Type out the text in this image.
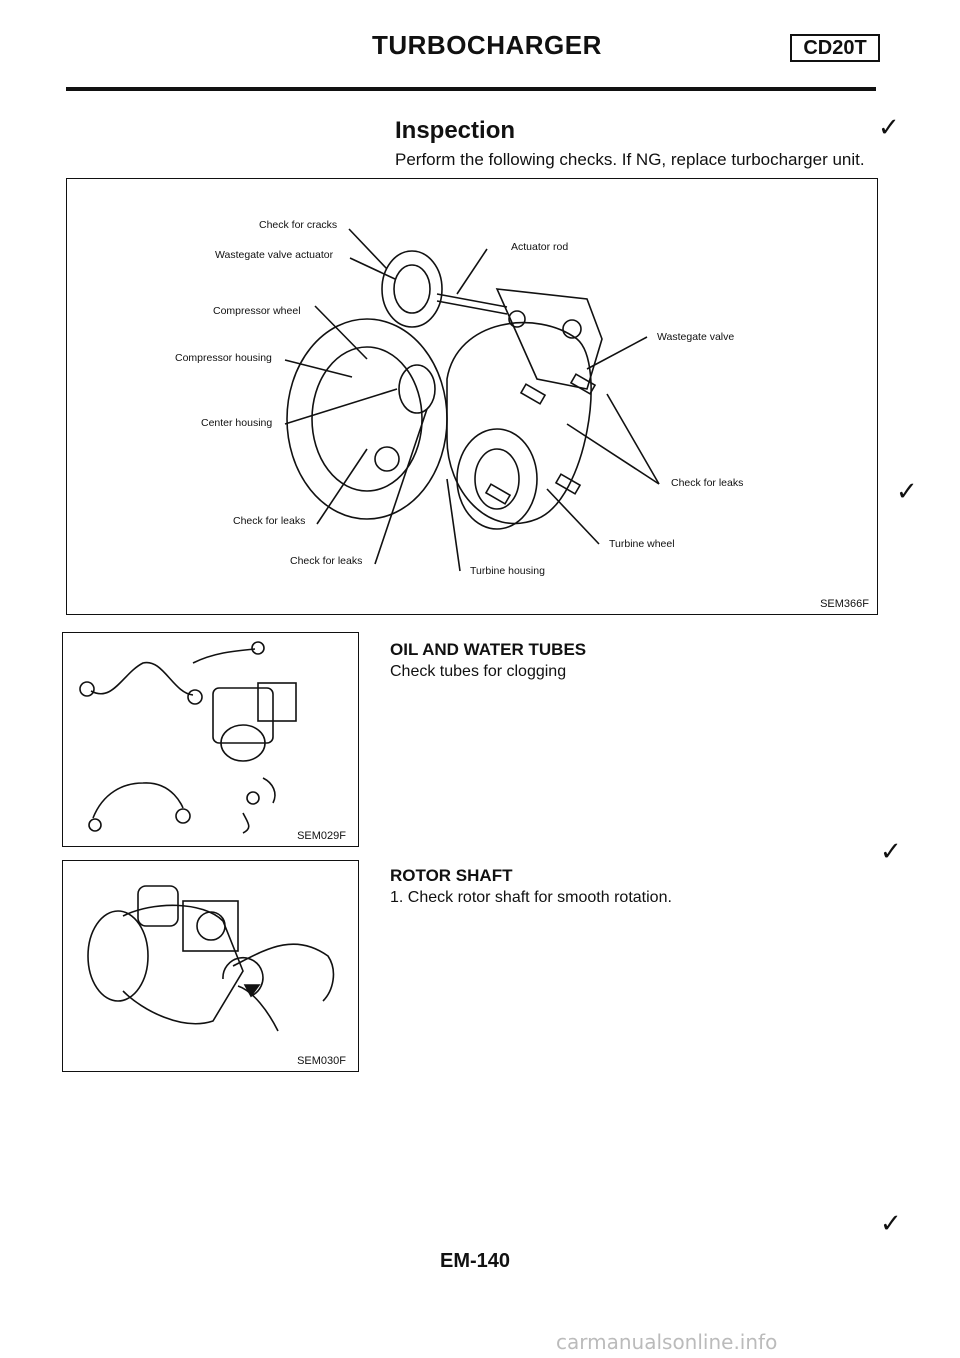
TURBOCHARGER	CD20T
Inspection
Perform the following checks. If NG, replace turbocharger unit.
✓
Check for cracks
Wastegate valve actuator
Compressor wheel
Compressor housing
Center housing
Check for leaks
Check for leaks
Actuator rod
Wastegate valve
Check for leaks
Turbine wheel
Turbine housing
SEM366F
✓
SEM029F
OIL AND WATER TUBES
Check tubes for clogging
SEM030F
ROTOR SHAFT
1. Check rotor shaft for smooth rotation.
✓
✓
EM-140
carmanualsonline.info
